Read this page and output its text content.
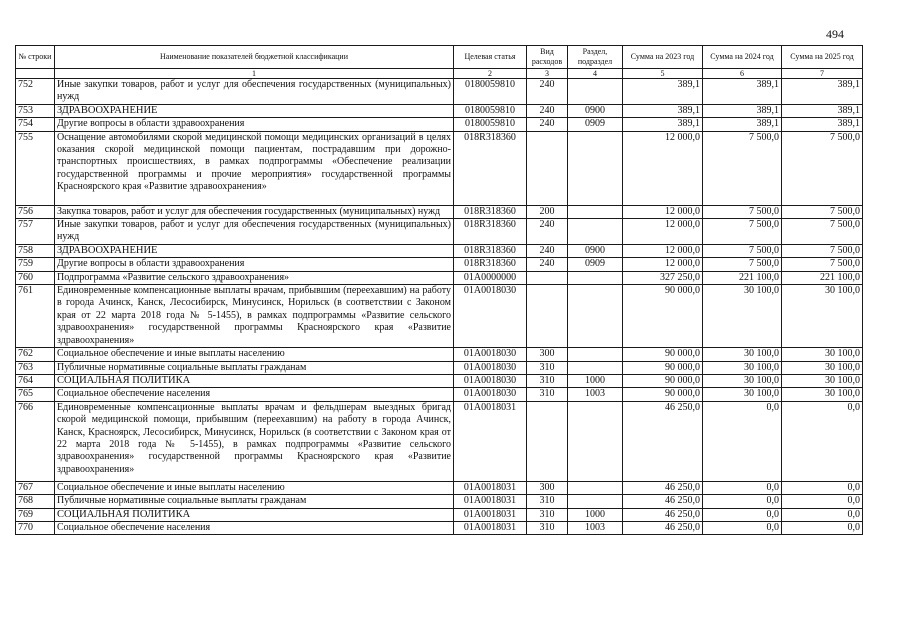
494
№ строки	Наименование показателей бюджетной классификации	Целевая статья	Вид расходов	Раздел, подраздел	Сумма на 2023 год	Сумма на 2024 год	Сумма на 2025 год
	1	2	3	4	5	6	7
752	Иные закупки товаров, работ и услуг для обеспечения государственных (муниципальных) нужд	0180059810	240		389,1	389,1	389,1
753	ЗДРАВООХРАНЕНИЕ	0180059810	240	0900	389,1	389,1	389,1
754	Другие вопросы в области здравоохранения	0180059810	240	0909	389,1	389,1	389,1
755	Оснащение автомобилями скорой медицинской помощи медицинских организаций в целях оказания скорой медицинской помощи пациентам, пострадавшим при дорожно-транспортных происшествиях, в рамках подпрограммы «Обеспечение реализации государственной программы и прочие мероприятия» государственной программы Красноярского края «Развитие здравоохранения»	018R318360			12 000,0	7 500,0	7 500,0
756	Закупка товаров, работ и услуг для обеспечения государственных (муниципальных) нужд	018R318360	200		12 000,0	7 500,0	7 500,0
757	Иные закупки товаров, работ и услуг для обеспечения государственных (муниципальных) нужд	018R318360	240		12 000,0	7 500,0	7 500,0
758	ЗДРАВООХРАНЕНИЕ	018R318360	240	0900	12 000,0	7 500,0	7 500,0
759	Другие вопросы в области здравоохранения	018R318360	240	0909	12 000,0	7 500,0	7 500,0
760	Подпрограмма «Развитие сельского здравоохранения»	01А0000000			327 250,0	221 100,0	221 100,0
761	Единовременные компенсационные выплаты врачам, прибывшим (переехавшим) на работу в города Ачинск, Канск, Лесосибирск, Минусинск, Норильск (в соответствии с Законом края от 22 марта 2018 года № 5-1455), в рамках подпрограммы «Развитие сельского здравоохранения» государственной программы Красноярского края «Развитие здравоохранения»	01А0018030			90 000,0	30 100,0	30 100,0
762	Социальное обеспечение и иные выплаты населению	01А0018030	300		90 000,0	30 100,0	30 100,0
763	Публичные нормативные социальные выплаты гражданам	01А0018030	310		90 000,0	30 100,0	30 100,0
764	СОЦИАЛЬНАЯ ПОЛИТИКА	01А0018030	310	1000	90 000,0	30 100,0	30 100,0
765	Социальное обеспечение населения	01А0018030	310	1003	90 000,0	30 100,0	30 100,0
766	Единовременные компенсационные выплаты врачам и фельдшерам выездных бригад скорой медицинской помощи, прибывшим (переехавшим) на работу в города Ачинск, Канск, Красноярск, Лесосибирск, Минусинск, Норильск (в соответствии с Законом края от 22 марта 2018 года № 5-1455), в рамках подпрограммы «Развитие сельского здравоохранения» государственной программы Красноярского края «Развитие здравоохранения»	01А0018031			46 250,0	0,0	0,0
767	Социальное обеспечение и иные выплаты населению	01А0018031	300		46 250,0	0,0	0,0
768	Публичные нормативные социальные выплаты гражданам	01А0018031	310		46 250,0	0,0	0,0
769	СОЦИАЛЬНАЯ ПОЛИТИКА	01А0018031	310	1000	46 250,0	0,0	0,0
770	Социальное обеспечение населения	01А0018031	310	1003	46 250,0	0,0	0,0
